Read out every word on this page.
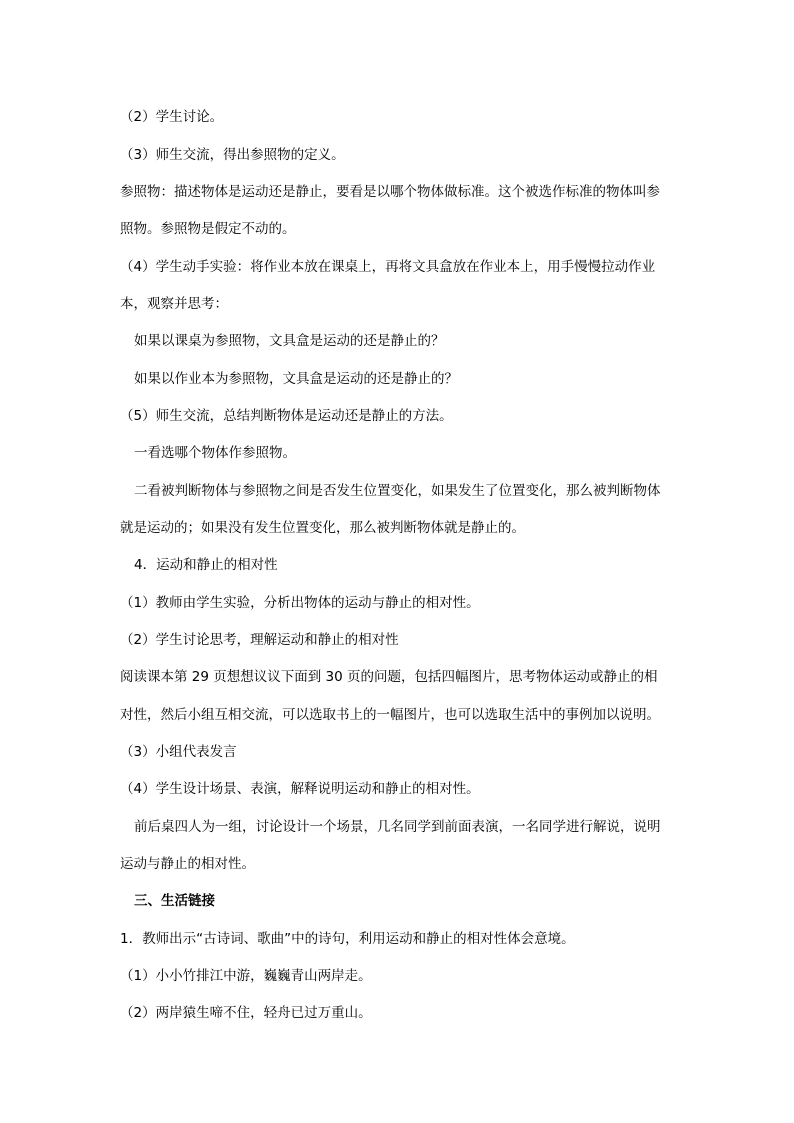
（2）学生讨论。
（3）师生交流，得出参照物的定义。
参照物：描述物体是运动还是静止，要看是以哪个物体做标准。这个被选作标准的物体叫参
照物。参照物是假定不动的。
（4）学生动手实验：将作业本放在课桌上，再将文具盒放在作业本上，用手慢慢拉动作业
本，观察并思考：
如果以课桌为参照物，文具盒是运动的还是静止的？
如果以作业本为参照物，文具盒是运动的还是静止的？
（5）师生交流，总结判断物体是运动还是静止的方法。
一看选哪个物体作参照物。
二看被判断物体与参照物之间是否发生位置变化，如果发生了位置变化，那么被判断物体
就是运动的；如果没有发生位置变化，那么被判断物体就是静止的。
4．运动和静止的相对性
（1）教师由学生实验，分析出物体的运动与静止的相对性。
（2）学生讨论思考，理解运动和静止的相对性
阅读课本第 29 页想想议议下面到 30 页的问题，包括四幅图片，思考物体运动或静止的相
对性，然后小组互相交流，可以选取书上的一幅图片，也可以选取生活中的事例加以说明。
（3）小组代表发言
（4）学生设计场景、表演，解释说明运动和静止的相对性。
前后桌四人为一组，讨论设计一个场景，几名同学到前面表演，一名同学进行解说，说明
运动与静止的相对性。
三、生活链接
1．教师出示“古诗词、歌曲”中的诗句，利用运动和静止的相对性体会意境。
（1）小小竹排江中游，巍巍青山两岸走。
（2）两岸猿生啼不住，轻舟已过万重山。
